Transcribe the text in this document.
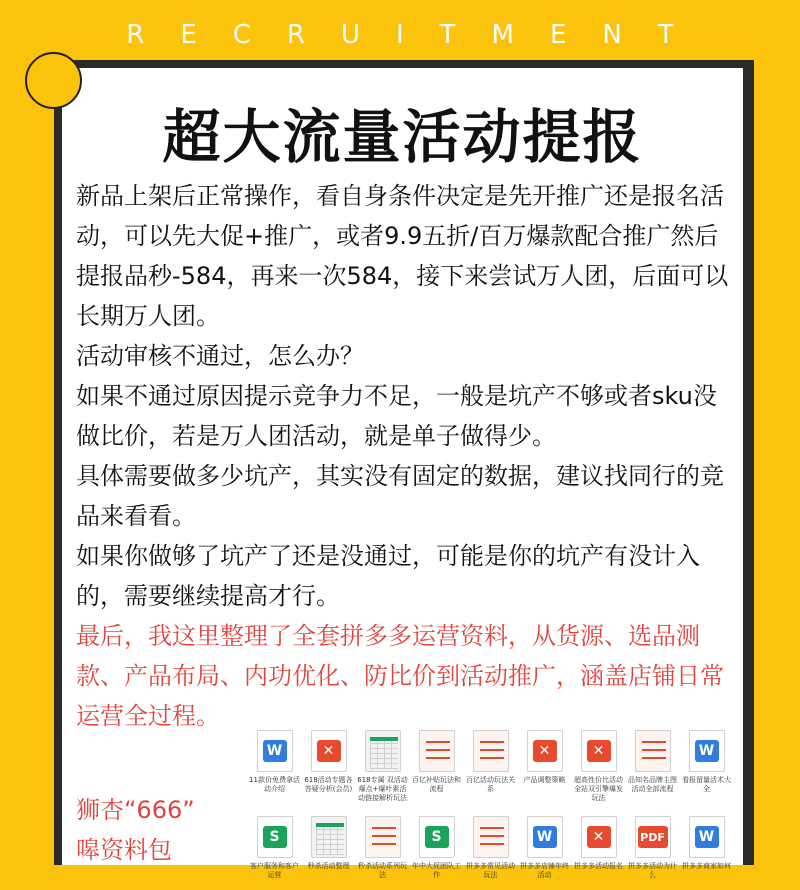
RECRUITMENT
超大流量活动提报

新品上架后正常操作，看自身条件决定是先开推广还是报名活动，可以先大促+推广，或者9.9五折/百万爆款配合推广然后提报品秒-584，再来一次584，接下来尝试万人团，后面可以长期万人团。

活动审核不通过，怎么办？

如果不通过原因提示竞争力不足，一般是坑产不够或者sku没做比价，若是万人团活动，就是单子做得少。

具体需要做多少坑产，其实没有固定的数据，建议找同行的竞品来看看。

如果你做够了坑产了还是没通过，可能是你的坑产有没计入的，需要继续提高才行。

最后，我这里整理了全套拼多多运营资料，从货源、选品测款、产品布局、内功优化、防比价到活动推广，涵盖店铺日常运营全过程。

狮杏“666”
嗥资料包
W
11款价免费拿活动介绍
✕
618活动专题各答疑分析(会员)
618专属 双活动爆点+爆叶素活动链接解析玩法
百亿补贴玩法和流程
百亿活动玩法关系
✕
产品调整策略
✕
超高性价比活动全站双引擎爆发玩法
品知名品牌主图活动全部流程
W
看报留量活术大全
S
客户服务和客户运营
秒杀活动整理	秒杀活动系列玩法
S
年中大促团队工作
拼多多常见活动玩法
W
拼多多店铺年终活动
✕
拼多多活动报名
PDF
拼多多活动为什么
W
拼多多商家如何
